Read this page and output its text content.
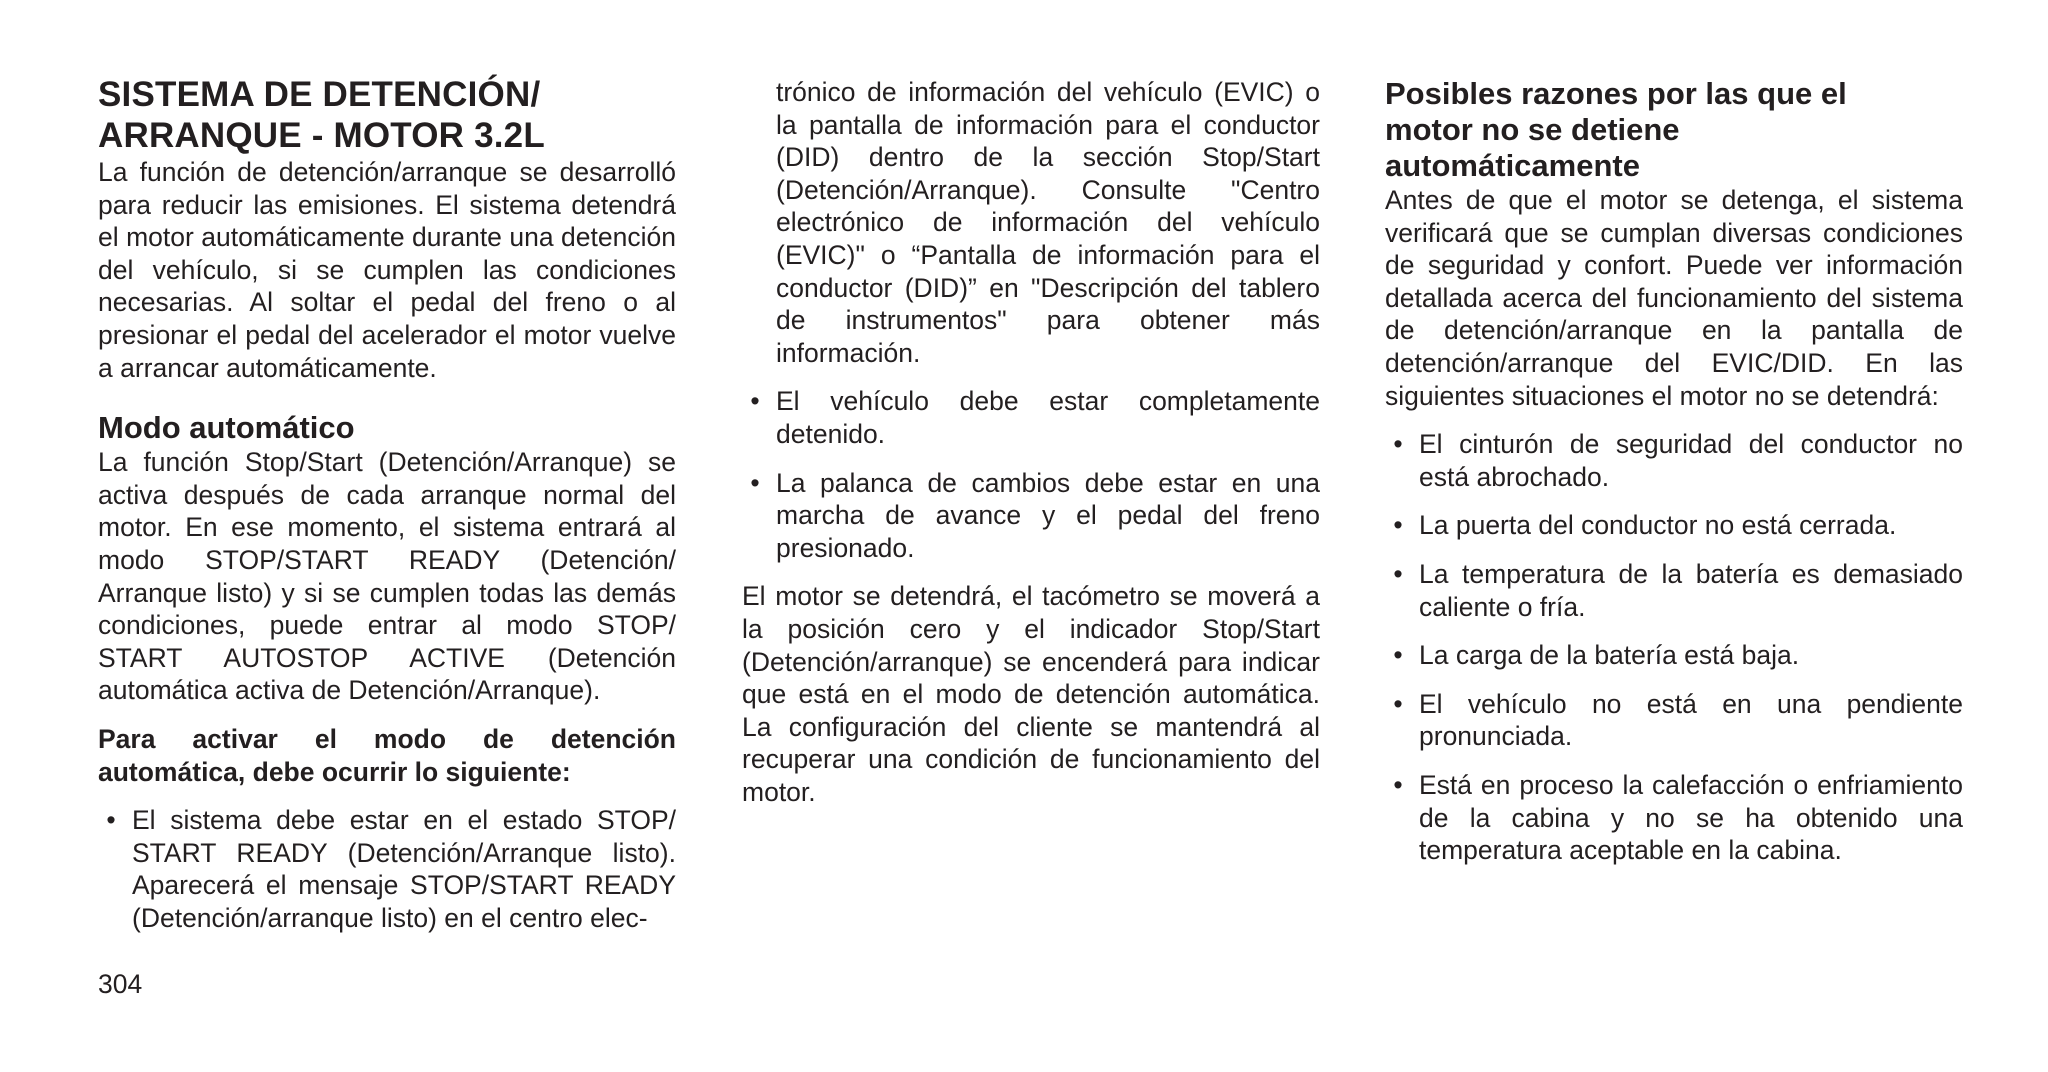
SISTEMA DE DETENCIÓN/
ARRANQUE - MOTOR 3.2L

La función de detención/arranque se desarrolló para reducir las emisiones. El sistema detendrá el motor automáticamente durante una detención del vehículo, si se cumplen las condiciones necesarias. Al soltar el pedal del freno o al presionar el pedal del acelerador el motor vuelve a arrancar automáticamente.

Modo automático

La función Stop/Start (Detención/Arranque) se activa después de cada arranque normal del motor. En ese momento, el sistema entrará al modo STOP/START READY (Detención/ Arranque listo) y si se cumplen todas las demás condiciones, puede entrar al modo STOP/ START AUTOSTOP ACTIVE (Detención automática activa de Detención/Arranque).

Para activar el modo de detención automática, debe ocurrir lo siguiente:

• El sistema debe estar en el estado STOP/ START READY (Detención/Arranque listo). Aparecerá el mensaje STOP/START READY (Detención/arranque listo) en el centro elec-

trónico de información del vehículo (EVIC) o la pantalla de información para el conductor (DID) dentro de la sección Stop/Start (Detención/Arranque). Consulte "Centro electrónico de información del vehículo (EVIC)" o “Pantalla de información para el conductor (DID)” en "Descripción del tablero de instrumentos" para obtener más información.

• El vehículo debe estar completamente detenido.
• La palanca de cambios debe estar en una marcha de avance y el pedal del freno presionado.

El motor se detendrá, el tacómetro se moverá a la posición cero y el indicador Stop/Start (Detención/arranque) se encenderá para indicar que está en el modo de detención automática. La configuración del cliente se mantendrá al recuperar una condición de funcionamiento del motor.

Posibles razones por las que el
motor no se detiene
automáticamente

Antes de que el motor se detenga, el sistema verificará que se cumplan diversas condiciones de seguridad y confort. Puede ver información detallada acerca del funcionamiento del sistema de detención/arranque en la pantalla de detención/arranque del EVIC/DID. En las siguientes situaciones el motor no se detendrá:

• El cinturón de seguridad del conductor no está abrochado.
• La puerta del conductor no está cerrada.
• La temperatura de la batería es demasiado caliente o fría.
• La carga de la batería está baja.
• El vehículo no está en una pendiente pronunciada.
• Está en proceso la calefacción o enfriamiento de la cabina y no se ha obtenido una temperatura aceptable en la cabina.
304
